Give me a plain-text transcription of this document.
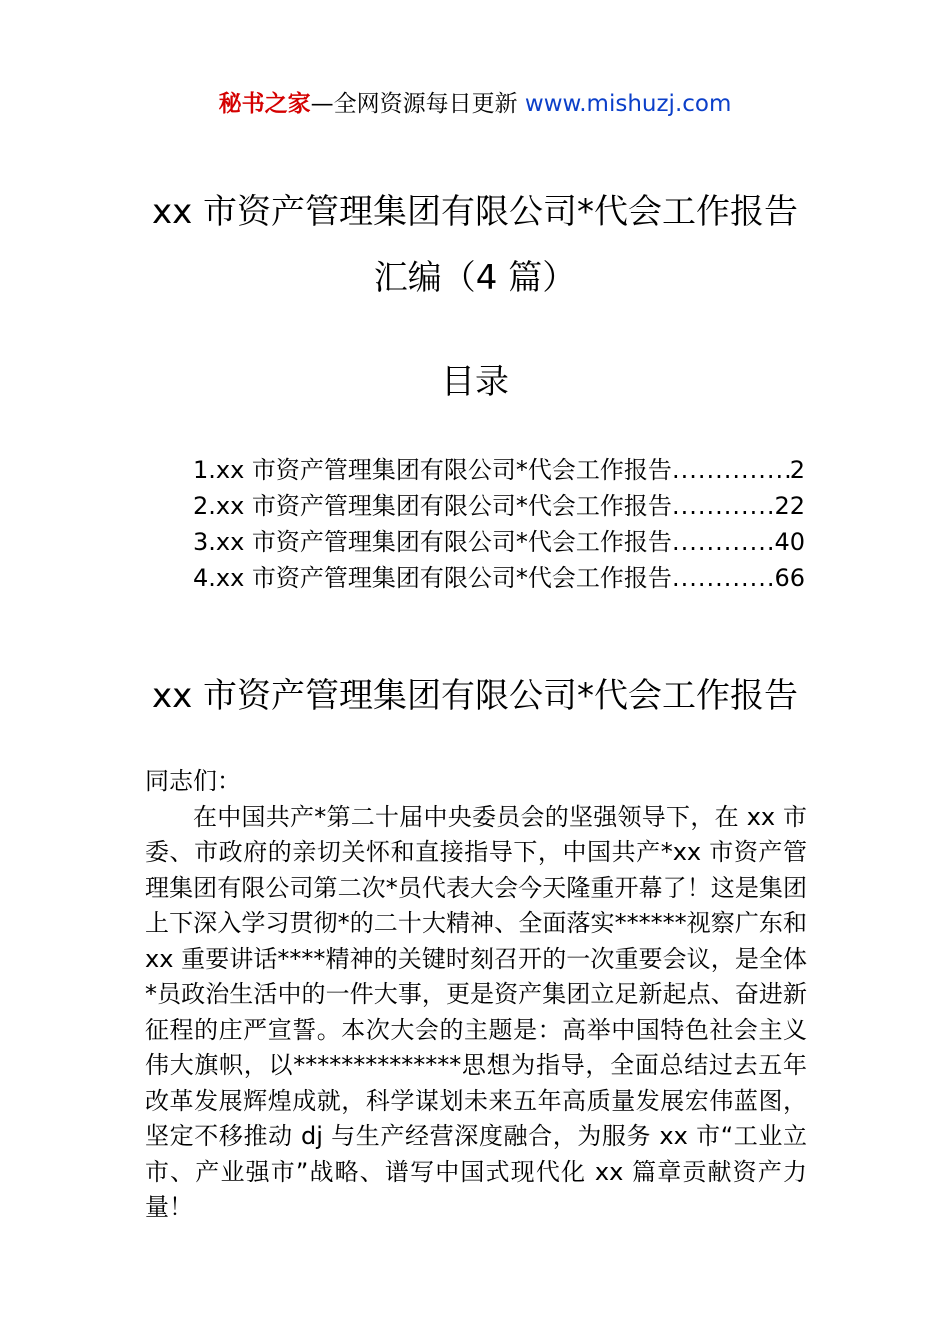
秘书之家—全网资源每日更新 www.mishuzj.com
xx 市资产管理集团有限公司*代会工作报告
汇编（4 篇）
目录
1.xx 市资产管理集团有限公司*代会工作报告 .....	2
2.xx 市资产管理集团有限公司*代会工作报告 .....	22
3.xx 市资产管理集团有限公司*代会工作报告 .....	40
4.xx 市资产管理集团有限公司*代会工作报告 .....	66
xx 市资产管理集团有限公司*代会工作报告

同志们：

在中国共产*第二十届中央委员会的坚强领导下，在 xx 市委、市政府的亲切关怀和直接指导下，中国共产*xx 市资产管理集团有限公司第二次*员代表大会今天隆重开幕了！这是集团上下深入学习贯彻*的二十大精神、全面落实******视察广东和 xx 重要讲话****精神的关键时刻召开的一次重要会议，是全体*员政治生活中的一件大事，更是资产集团立足新起点、奋进新征程的庄严宣誓。本次大会的主题是：高举中国特色社会主义伟大旗帜，以**************思想为指导，全面总结过去五年改革发展辉煌成就，科学谋划未来五年高质量发展宏伟蓝图，坚定不移推动 dj 与生产经营深度融合，为服务 xx 市“工业立市、产业强市”战略、谱写中国式现代化 xx 篇章贡献资产力量！
